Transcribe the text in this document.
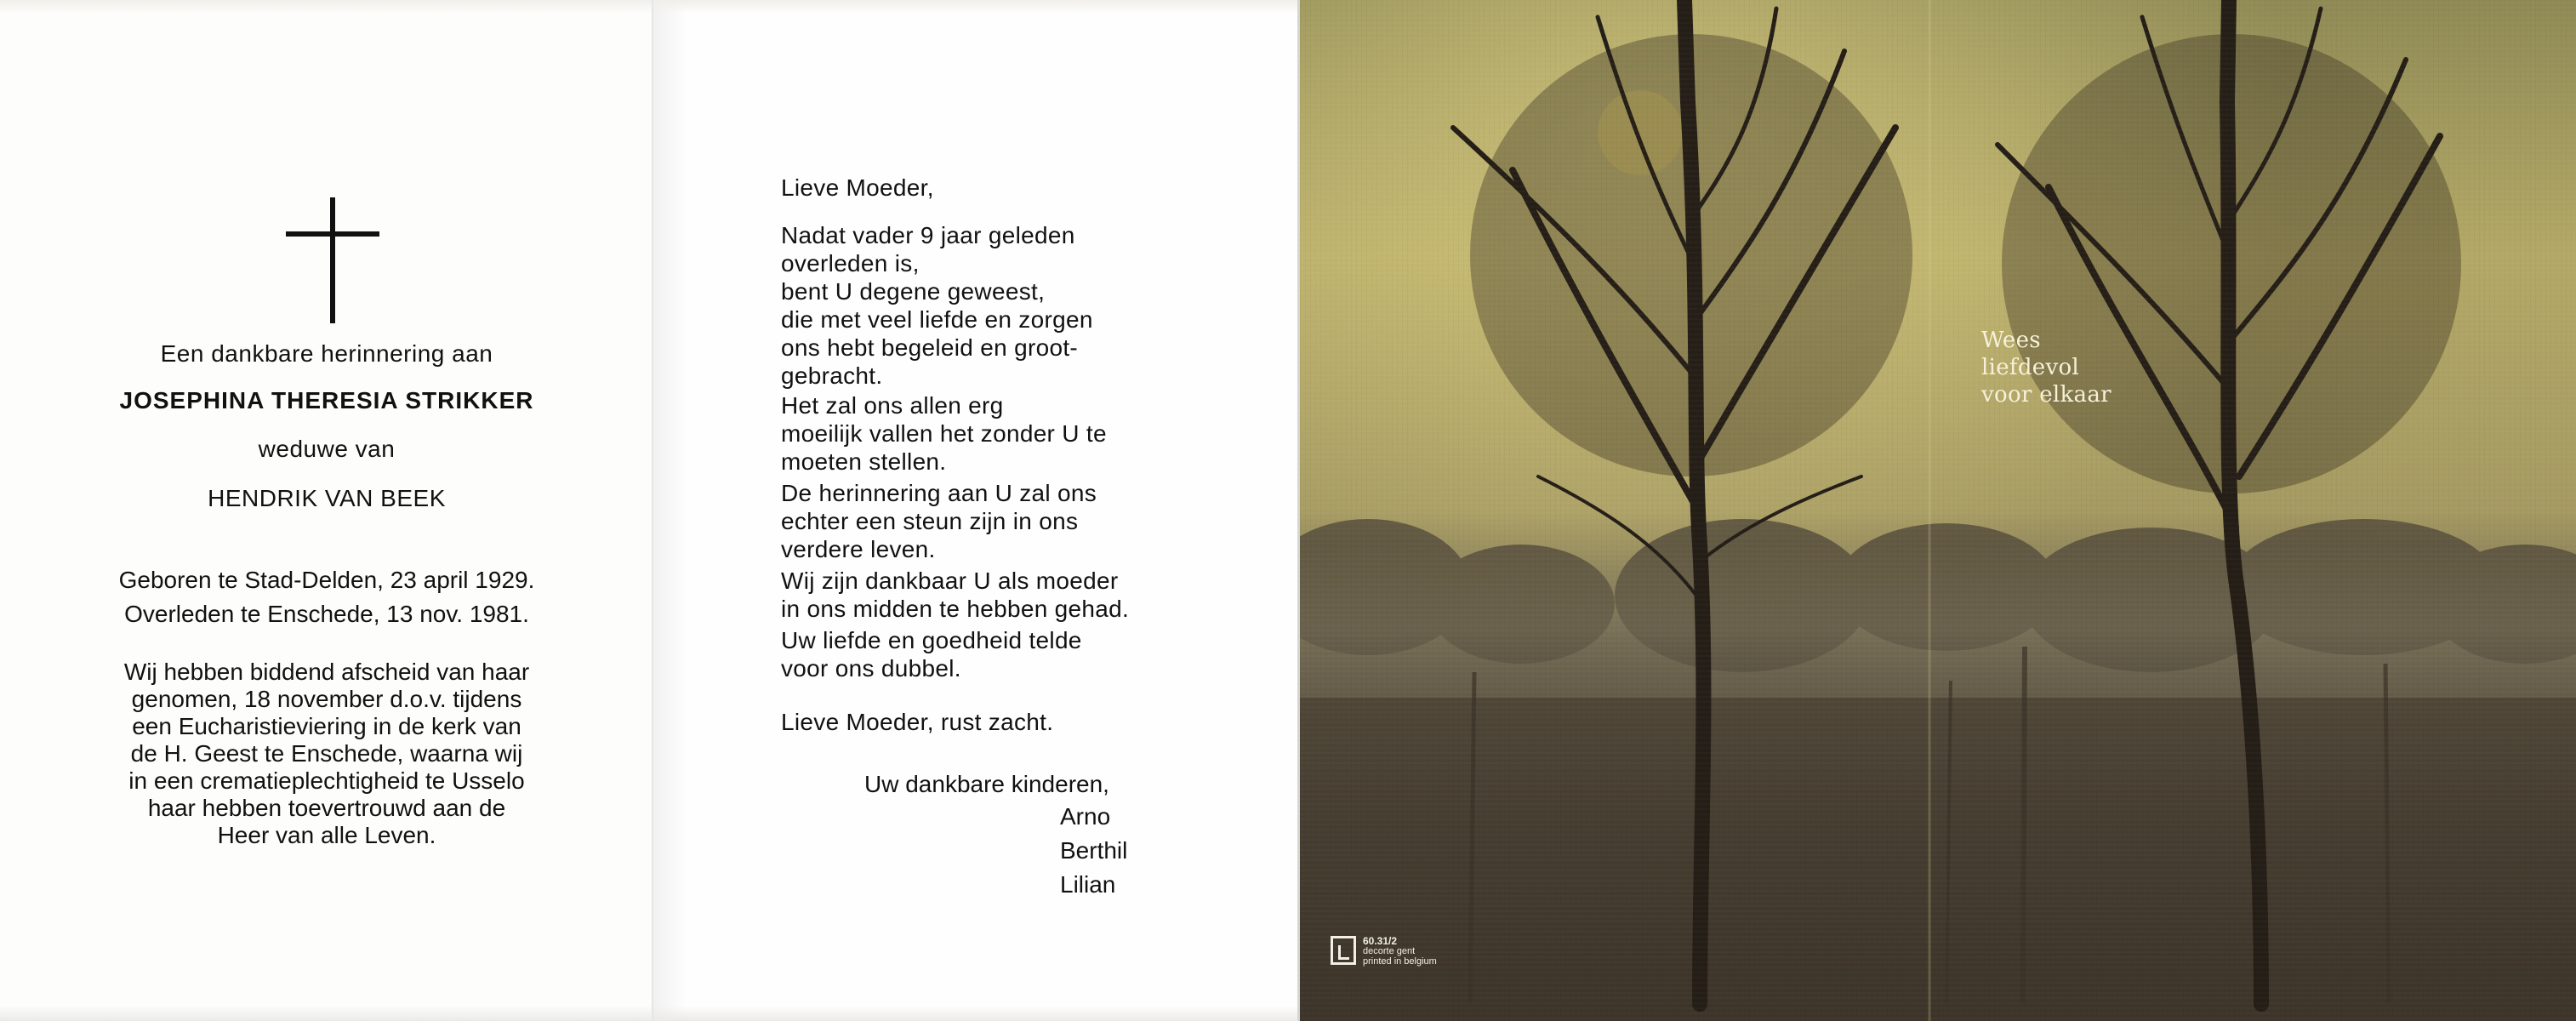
Een dankbare herinnering aan
JOSEPHINA THERESIA STRIKKER
weduwe van
HENDRIK VAN BEEK
Geboren te Stad-Delden, 23 april 1929.
Overleden te Enschede, 13 nov. 1981.
Wij hebben biddend afscheid van haar
genomen, 18 november d.o.v. tijdens
een Eucharistieviering in de kerk van
de H. Geest te Enschede, waarna wij
in een crematieplechtigheid te Usselo
haar hebben toevertrouwd aan de
Heer van alle Leven.
Lieve Moeder,
Nadat vader 9 jaar geleden
overleden is,
bent U degene geweest,
die met veel liefde en zorgen
ons hebt begeleid en groot-
gebracht.
Het zal ons allen erg
moeilijk vallen het zonder U te
moeten stellen.
De herinnering aan U zal ons
echter een steun zijn in ons
verdere leven.
Wij zijn dankbaar U als moeder
in ons midden te hebben gehad.
Uw liefde en goedheid telde
voor ons dubbel.
Lieve Moeder, rust zacht.
Uw dankbare kinderen,
Arno
Berthil
Lilian
Wees
liefdevol
voor elkaar
60.31/2
decorte gent
printed in belgium
